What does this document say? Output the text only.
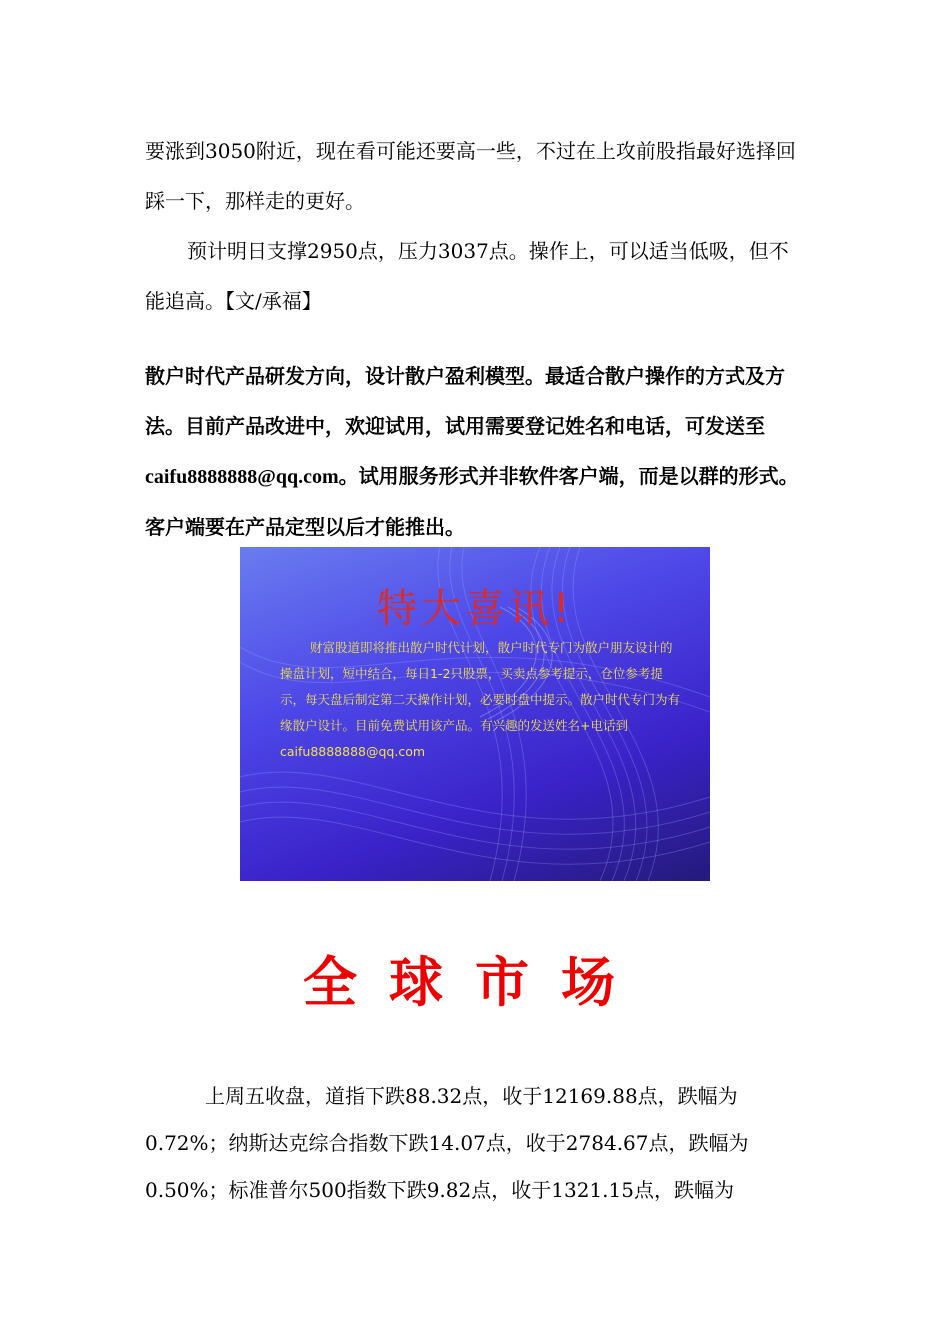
要涨到3050附近，现在看可能还要高一些，不过在上攻前股指最好选择回踩一下，那样走的更好。

预计明日支撑2950点，压力3037点。操作上，可以适当低吸，但不能追高。【文/承福】

散户时代产品研发方向，设计散户盈利模型。最适合散户操作的方式及方法。目前产品改进中，欢迎试用，试用需要登记姓名和电话，可发送至caifu8888888@qq.com。试用服务形式并非软件客户端，而是以群的形式。客户端要在产品定型以后才能推出。

特大喜讯!
财富股道即将推出散户时代计划，散户时代专门为散户朋友设计的操盘计划，短中结合，每日1-2只股票，买卖点参考提示，仓位参考提示，每天盘后制定第二天操作计划，必要时盘中提示。散户时代专门为有缘散户设计。目前免费试用该产品。有兴趣的发送姓名+电话到caifu8888888@qq.com
全球市场

上周五收盘，道指下跌88.32点，收于12169.88点，跌幅为0.72%；纳斯达克综合指数下跌14.07点，收于2784.67点，跌幅为0.50%；标准普尔500指数下跌9.82点，收于1321.15点，跌幅为
